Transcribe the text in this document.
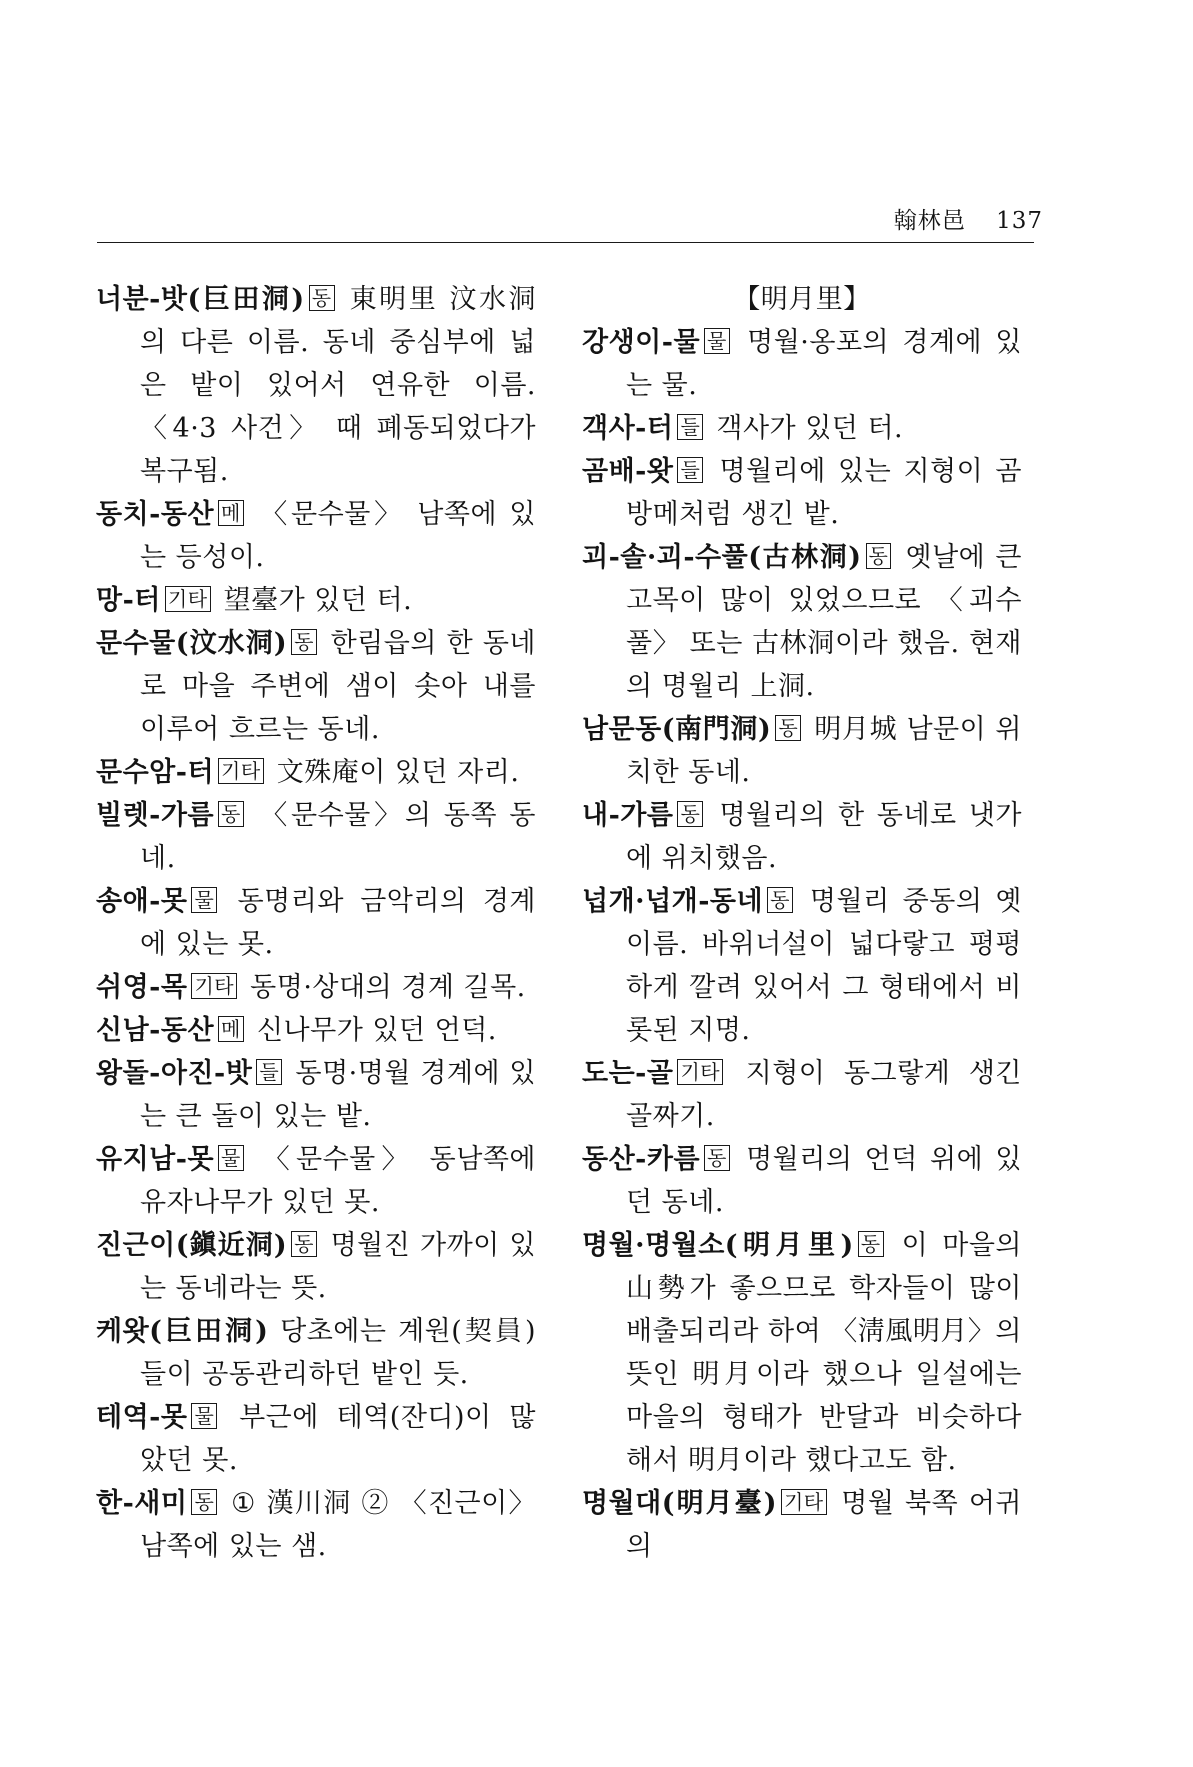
翰林邑 137

너분-밧(巨田洞) 동 東明里 汶水洞의 다른 이름. 동네 중심부에 넓은 밭이 있어서 연유한 이름. 〈4·3 사건〉 때 폐동되었다가 복구됨.

동치-동산 메 〈문수물〉 남쪽에 있는 등성이.

망-터 기타 望臺가 있던 터.

문수물(汶水洞) 동 한림읍의 한 동네로 마을 주변에 샘이 솟아 내를 이루어 흐르는 동네.

문수암-터 기타 文殊庵이 있던 자리.

빌렛-가름 동 〈문수물〉의 동쪽 동네.

송애-못 물 동명리와 금악리의 경계에 있는 못.

쉬영-목 기타 동명·상대의 경계 길목.

신남-동산 메 신나무가 있던 언덕.

왕돌-아진-밧 들 동명·명월 경계에 있는 큰 돌이 있는 밭.

유지남-못 물 〈문수물〉 동남쪽에 유자나무가 있던 못.

진근이(鎭近洞) 동 명월진 가까이 있는 동네라는 뜻.

케왓(巨田洞) 당초에는 계원(契員)들이 공동관리하던 밭인 듯.

테역-못 물 부근에 테역(잔디)이 많았던 못.

한-새미 동 ① 漢川洞 ② 〈진근이〉 남쪽에 있는 샘.

【明月里】

강생이-물 물 명월·옹포의 경계에 있는 물.

객사-터 들 객사가 있던 터.

곰배-왓 들 명월리에 있는 지형이 곰방메처럼 생긴 밭.

괴-솔·괴-수풀(古林洞) 동 옛날에 큰 고목이 많이 있었으므로 〈괴수풀〉 또는 古林洞이라 했음. 현재의 명월리 上洞.

남문동(南門洞) 동 明月城 남문이 위치한 동네.

내-가름 동 명월리의 한 동네로 냇가에 위치했음.

넙개·넙개-동네 동 명월리 중동의 옛이름. 바위너설이 넓다랗고 평평하게 깔려 있어서 그 형태에서 비롯된 지명.

도는-골 기타 지형이 동그랗게 생긴 골짜기.

동산-카름 동 명월리의 언덕 위에 있던 동네.

명월·명월소(明月里) 동 이 마을의 山勢가 좋으므로 학자들이 많이 배출되리라 하여 〈淸風明月〉의 뜻인 明月이라 했으나 일설에는 마을의 형태가 반달과 비슷하다 해서 明月이라 했다고도 함.

명월대(明月臺) 기타 명월 북쪽 어귀의
